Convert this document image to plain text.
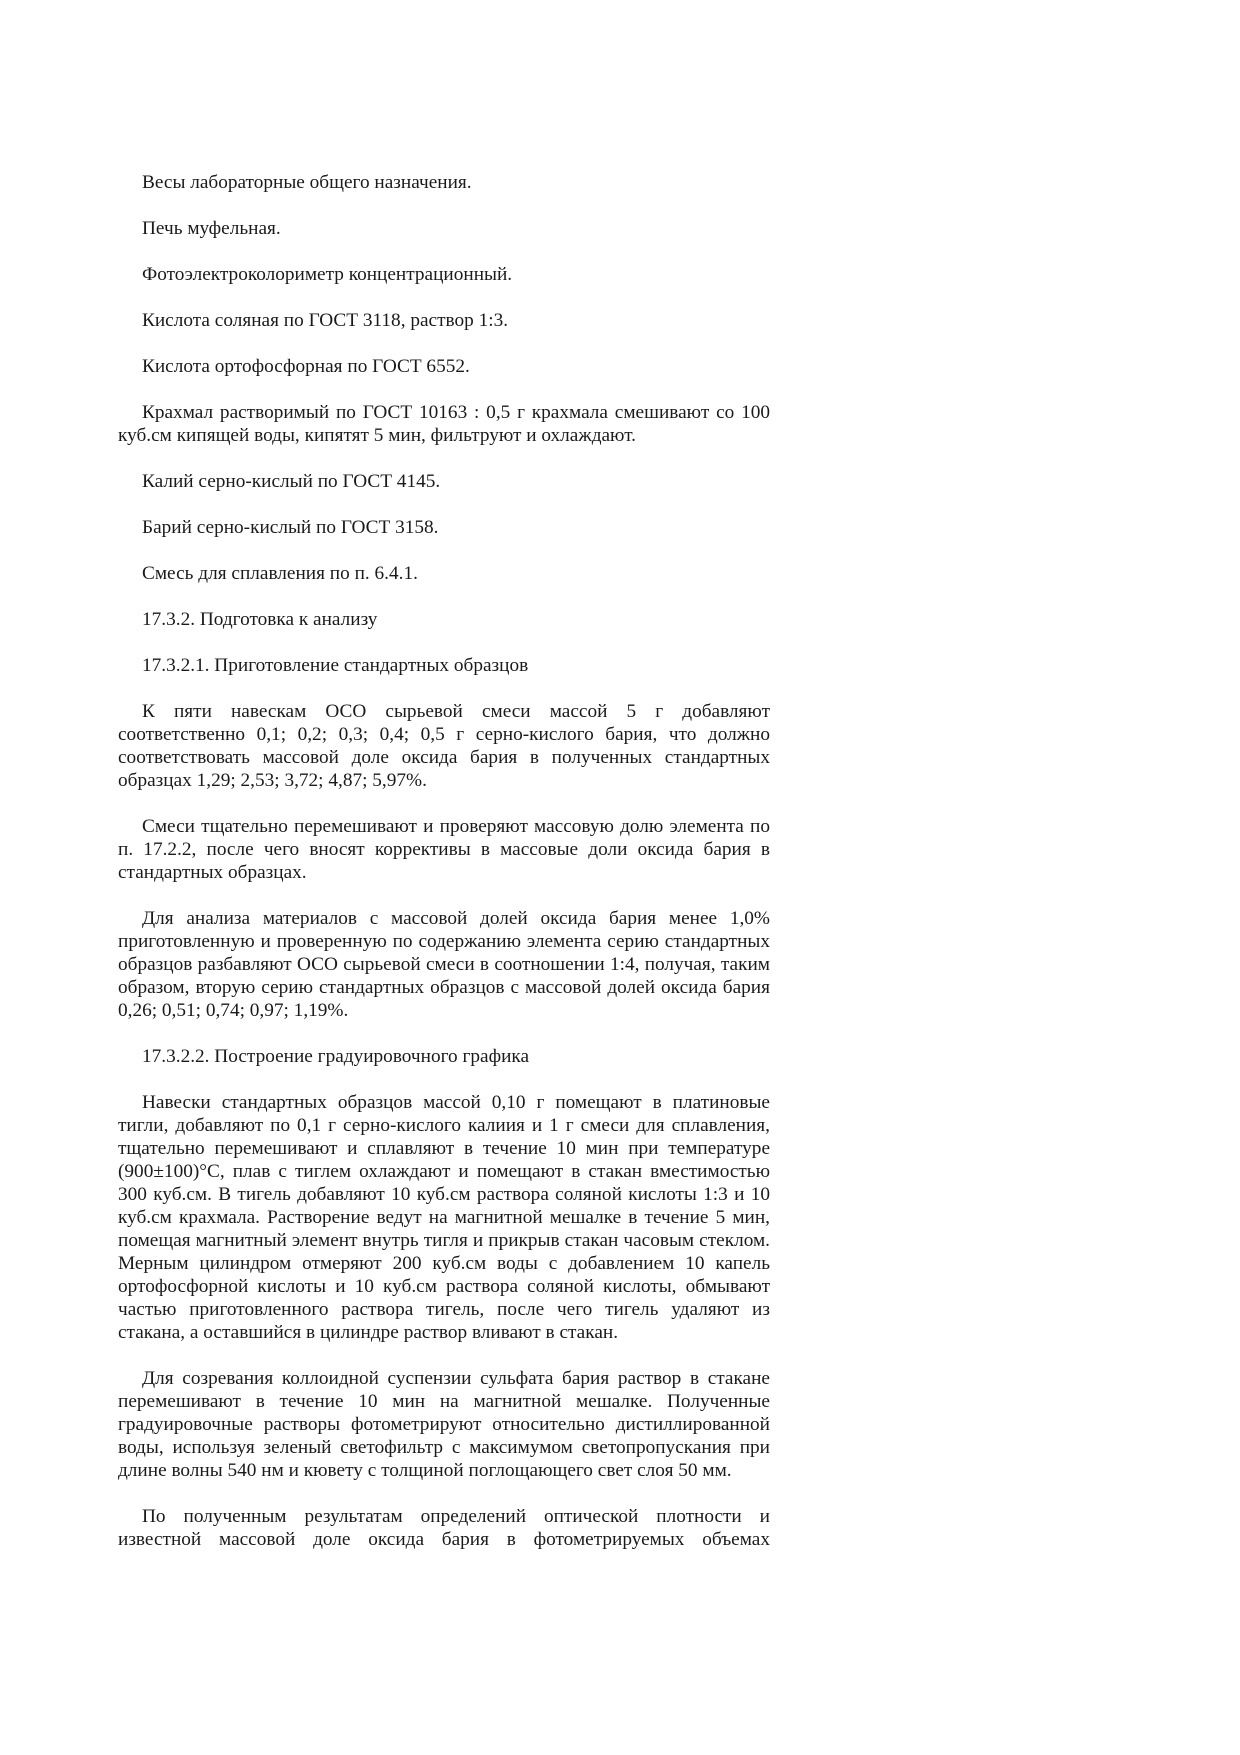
Весы лабораторные общего назначения.

Печь муфельная.

Фотоэлектроколориметр концентрационный.

Кислота соляная по ГОСТ 3118, раствор 1:3.

Кислота ортофосфорная по ГОСТ 6552.

Крахмал растворимый по ГОСТ 10163 : 0,5 г крахмала смешивают со 100 куб.см кипящей воды, кипятят 5 мин, фильтруют и охлаждают.

Калий серно-кислый по ГОСТ 4145.

Барий серно-кислый по ГОСТ 3158.

Смесь для сплавления по п. 6.4.1.

17.3.2. Подготовка к анализу

17.3.2.1. Приготовление стандартных образцов

К пяти навескам ОСО сырьевой смеси массой 5 г добавляют соответственно 0,1; 0,2; 0,3; 0,4; 0,5 г серно-кислого бария, что должно соответствовать массовой доле оксида бария в полученных стандартных образцах 1,29; 2,53; 3,72; 4,87; 5,97%.

Смеси тщательно перемешивают и проверяют массовую долю элемента по п. 17.2.2, после чего вносят коррективы в массовые доли оксида бария в стандартных образцах.

Для анализа материалов с массовой долей оксида бария менее 1,0% приготовленную и проверенную по содержанию элемента серию стандартных образцов разбавляют ОСО сырьевой смеси в соотношении 1:4, получая, таким образом, вторую серию стандартных образцов с массовой долей оксида бария 0,26; 0,51; 0,74; 0,97; 1,19%.

17.3.2.2. Построение градуировочного графика

Навески стандартных образцов массой 0,10 г помещают в платиновые тигли, добавляют по 0,1 г серно-кислого калиия и 1 г смеси для сплавления, тщательно перемешивают и сплавляют в течение 10 мин при температуре (900±100)°С, плав с тиглем охлаждают и помещают в стакан вместимостью 300 куб.см. В тигель добавляют 10 куб.см раствора соляной кислоты 1:3 и 10 куб.см крахмала. Растворение ведут на магнитной мешалке в течение 5 мин, помещая магнитный элемент внутрь тигля и прикрыв стакан часовым стеклом. Мерным цилиндром отмеряют 200 куб.см воды с добавлением 10 капель ортофосфорной кислоты и 10 куб.см раствора соляной кислоты, обмывают частью приготовленного раствора тигель, после чего тигель удаляют из стакана, а оставшийся в цилиндре раствор вливают в стакан.

Для созревания коллоидной суспензии сульфата бария раствор в стакане перемешивают в течение 10 мин на магнитной мешалке. Полученные градуировочные растворы фотометрируют относительно дистиллированной воды, используя зеленый светофильтр с максимумом светопропускания при длине волны 540 нм и кювету с толщиной поглощающего свет слоя 50 мм.

По полученным результатам определений оптической плотности и известной массовой доле оксида бария в фотометрируемых объемах
